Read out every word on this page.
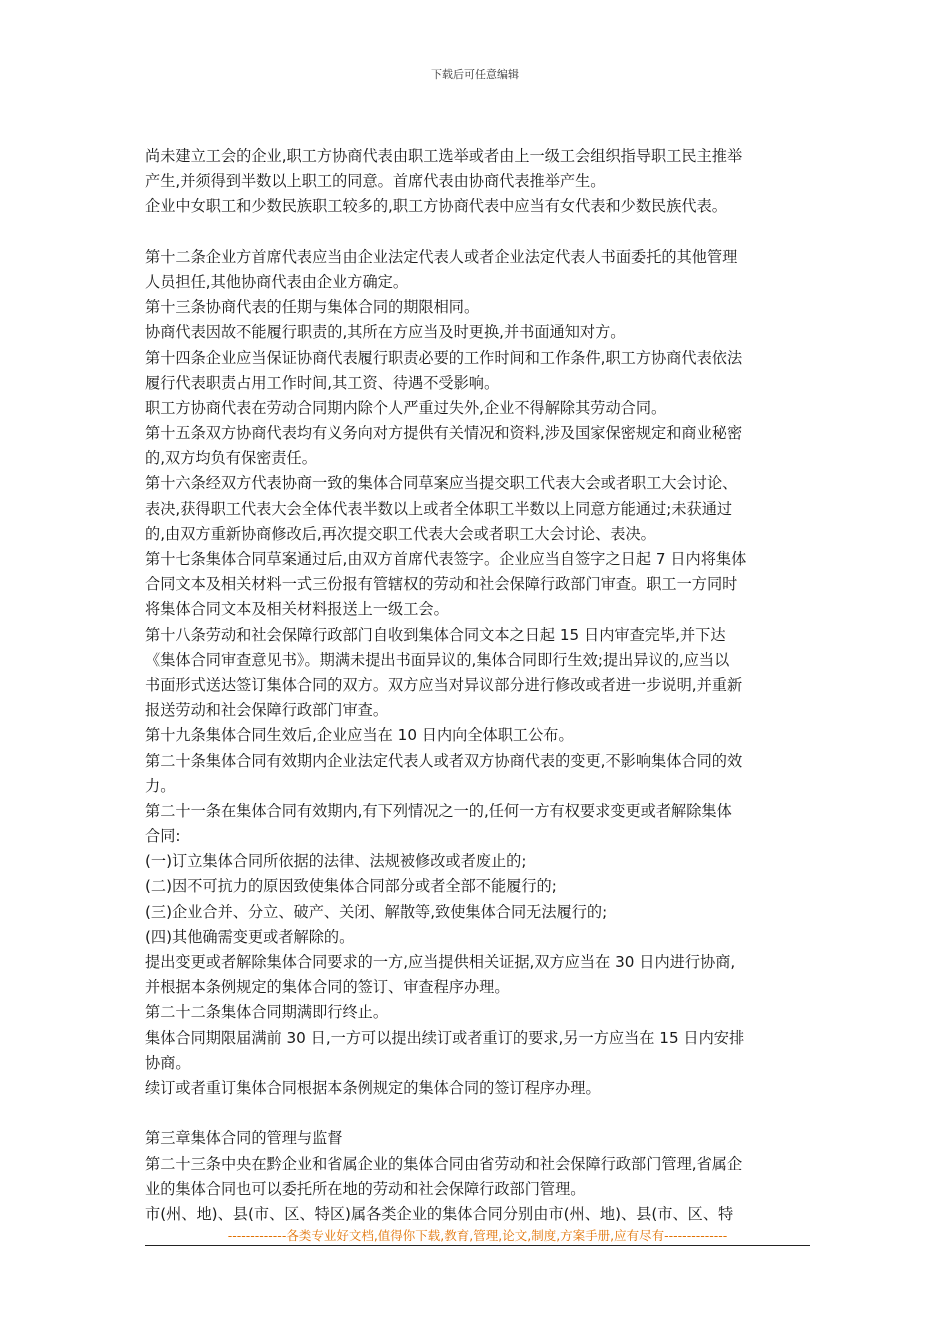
下载后可任意编辑
尚未建立工会的企业,职工方协商代表由职工选举或者由上一级工会组织指导职工民主推举
产生,并须得到半数以上职工的同意。首席代表由协商代表推举产生。
企业中女职工和少数民族职工较多的,职工方协商代表中应当有女代表和少数民族代表。
第十二条企业方首席代表应当由企业法定代表人或者企业法定代表人书面委托的其他管理
人员担任,其他协商代表由企业方确定。
第十三条协商代表的任期与集体合同的期限相同。
协商代表因故不能履行职责的,其所在方应当及时更换,并书面通知对方。
第十四条企业应当保证协商代表履行职责必要的工作时间和工作条件,职工方协商代表依法
履行代表职责占用工作时间,其工资、待遇不受影响。
职工方协商代表在劳动合同期内除个人严重过失外,企业不得解除其劳动合同。
第十五条双方协商代表均有义务向对方提供有关情况和资料,涉及国家保密规定和商业秘密
的,双方均负有保密责任。
第十六条经双方代表协商一致的集体合同草案应当提交职工代表大会或者职工大会讨论、
表决,获得职工代表大会全体代表半数以上或者全体职工半数以上同意方能通过;未获通过
的,由双方重新协商修改后,再次提交职工代表大会或者职工大会讨论、表决。
第十七条集体合同草案通过后,由双方首席代表签字。企业应当自签字之日起 7 日内将集体
合同文本及相关材料一式三份报有管辖权的劳动和社会保障行政部门审查。职工一方同时
将集体合同文本及相关材料报送上一级工会。
第十八条劳动和社会保障行政部门自收到集体合同文本之日起 15 日内审查完毕,并下达
《集体合同审查意见书》。期满未提出书面异议的,集体合同即行生效;提出异议的,应当以
书面形式送达签订集体合同的双方。双方应当对异议部分进行修改或者进一步说明,并重新
报送劳动和社会保障行政部门审查。
第十九条集体合同生效后,企业应当在 10 日内向全体职工公布。
第二十条集体合同有效期内企业法定代表人或者双方协商代表的变更,不影响集体合同的效
力。
第二十一条在集体合同有效期内,有下列情况之一的,任何一方有权要求变更或者解除集体
合同:
(一)订立集体合同所依据的法律、法规被修改或者废止的;
(二)因不可抗力的原因致使集体合同部分或者全部不能履行的;
(三)企业合并、分立、破产、关闭、解散等,致使集体合同无法履行的;
(四)其他确需变更或者解除的。
提出变更或者解除集体合同要求的一方,应当提供相关证据,双方应当在 30 日内进行协商,
并根据本条例规定的集体合同的签订、审查程序办理。
第二十二条集体合同期满即行终止。
集体合同期限届满前 30 日,一方可以提出续订或者重订的要求,另一方应当在 15 日内安排
协商。
续订或者重订集体合同根据本条例规定的集体合同的签订程序办理。
第三章集体合同的管理与监督
第二十三条中央在黔企业和省属企业的集体合同由省劳动和社会保障行政部门管理,省属企
业的集体合同也可以委托所在地的劳动和社会保障行政部门管理。
市(州、地)、县(市、区、特区)属各类企业的集体合同分别由市(州、地)、县(市、区、特
-------------各类专业好文档,值得你下载,教育,管理,论文,制度,方案手册,应有尽有--------------
